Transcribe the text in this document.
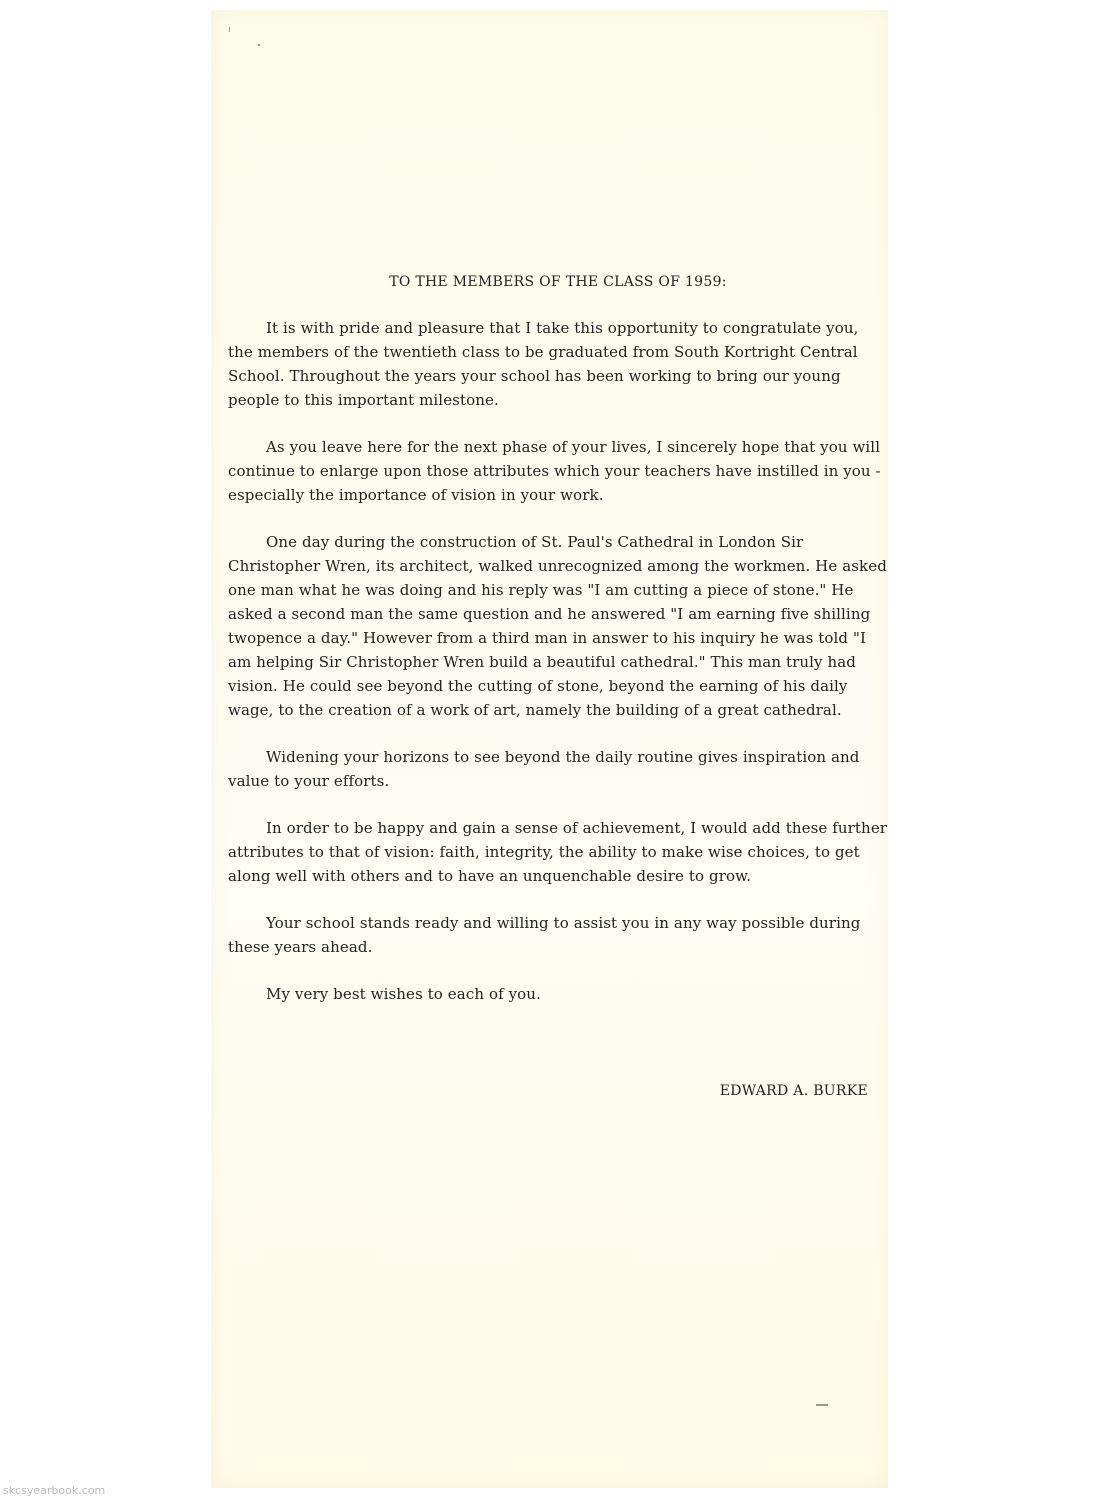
TO THE MEMBERS OF THE CLASS OF 1959:

It is with pride and pleasure that I take this opportunity to congratulate you, the members of the twentieth class to be graduated from South Kortright Central School. Throughout the years your school has been working to bring our young people to this important milestone.

As you leave here for the next phase of your lives, I sincerely hope that you will continue to enlarge upon those attributes which your teachers have instilled in you - especially the importance of vision in your work.

One day during the construction of St. Paul's Cathedral in London Sir Christopher Wren, its architect, walked unrecognized among the workmen. He asked one man what he was doing and his reply was "I am cutting a piece of stone." He asked a second man the same question and he answered "I am earning five shilling twopence a day." However from a third man in answer to his inquiry he was told "I am helping Sir Christopher Wren build a beautiful cathedral." This man truly had vision. He could see beyond the cutting of stone, beyond the earning of his daily wage, to the creation of a work of art, namely the building of a great cathedral.

Widening your horizons to see beyond the daily routine gives inspiration and value to your efforts.

In order to be happy and gain a sense of achievement, I would add these further attributes to that of vision: faith, integrity, the ability to make wise choices, to get along well with others and to have an unquenchable desire to grow.

Your school stands ready and willing to assist you in any way possible during these years ahead.

My very best wishes to each of you.

EDWARD A. BURKE
skcsyearbook.com
